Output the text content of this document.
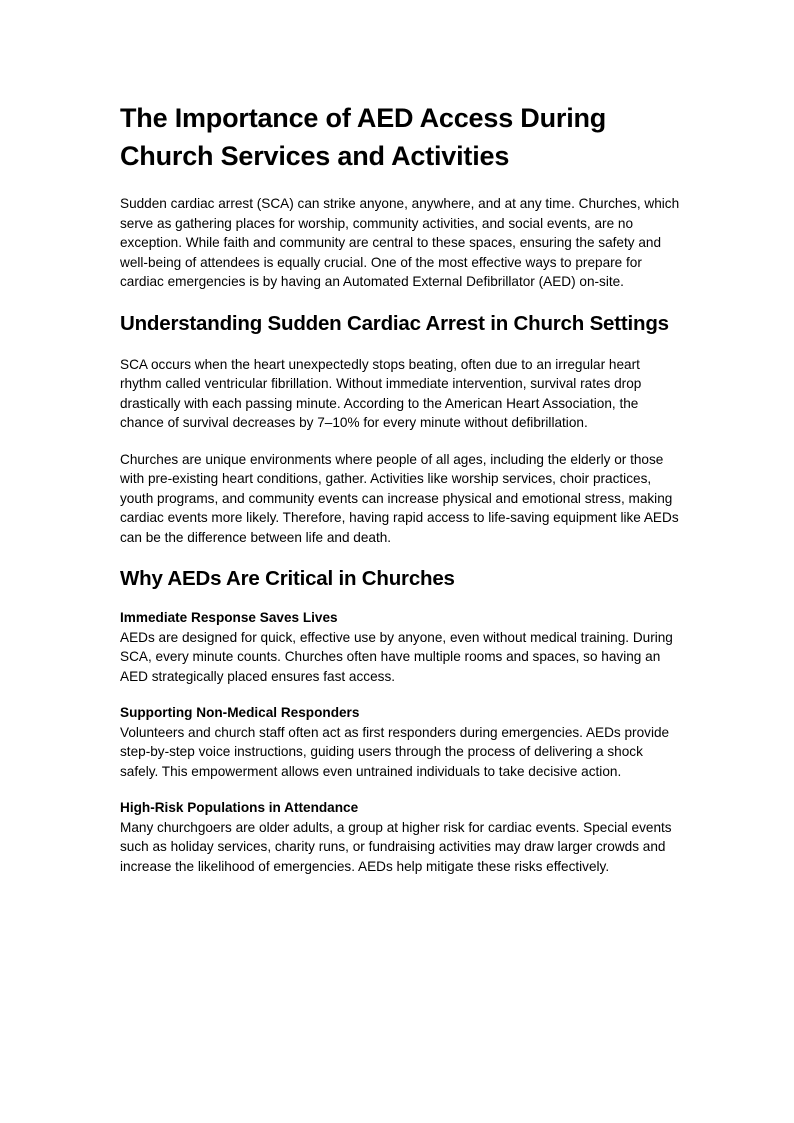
The Importance of AED Access During Church Services and Activities

Sudden cardiac arrest (SCA) can strike anyone, anywhere, and at any time. Churches, which serve as gathering places for worship, community activities, and social events, are no exception. While faith and community are central to these spaces, ensuring the safety and well-being of attendees is equally crucial. One of the most effective ways to prepare for cardiac emergencies is by having an Automated External Defibrillator (AED) on-site.

Understanding Sudden Cardiac Arrest in Church Settings

SCA occurs when the heart unexpectedly stops beating, often due to an irregular heart rhythm called ventricular fibrillation. Without immediate intervention, survival rates drop drastically with each passing minute. According to the American Heart Association, the chance of survival decreases by 7–10% for every minute without defibrillation.

Churches are unique environments where people of all ages, including the elderly or those with pre-existing heart conditions, gather. Activities like worship services, choir practices, youth programs, and community events can increase physical and emotional stress, making cardiac events more likely. Therefore, having rapid access to life-saving equipment like AEDs can be the difference between life and death.

Why AEDs Are Critical in Churches
Immediate Response Saves Lives

AEDs are designed for quick, effective use by anyone, even without medical training. During SCA, every minute counts. Churches often have multiple rooms and spaces, so having an AED strategically placed ensures fast access.

Supporting Non-Medical Responders

Volunteers and church staff often act as first responders during emergencies. AEDs provide step-by-step voice instructions, guiding users through the process of delivering a shock safely. This empowerment allows even untrained individuals to take decisive action.

High-Risk Populations in Attendance

Many churchgoers are older adults, a group at higher risk for cardiac events. Special events such as holiday services, charity runs, or fundraising activities may draw larger crowds and increase the likelihood of emergencies. AEDs help mitigate these risks effectively.
